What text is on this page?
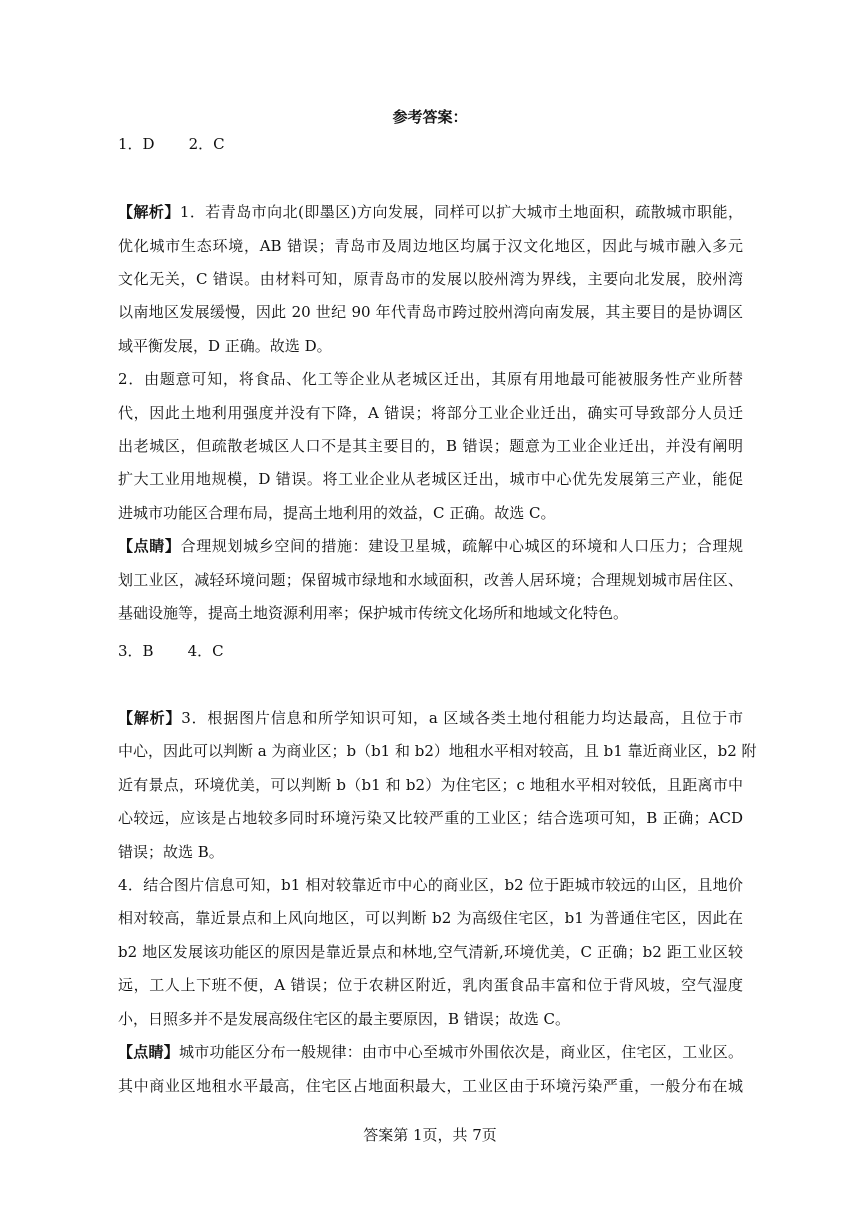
参考答案：
1．D 2．C
【解析】1．若青岛市向北(即墨区)方向发展，同样可以扩大城市土地面积，疏散城市职能，
优化城市生态环境，AB 错误；青岛市及周边地区均属于汉文化地区，因此与城市融入多元
文化无关，C 错误。由材料可知，原青岛市的发展以胶州湾为界线，主要向北发展，胶州湾
以南地区发展缓慢，因此 20 世纪 90 年代青岛市跨过胶州湾向南发展，其主要目的是协调区
域平衡发展，D 正确。故选 D。
2．由题意可知，将食品、化工等企业从老城区迁出，其原有用地最可能被服务性产业所替
代，因此土地利用强度并没有下降，A 错误；将部分工业企业迁出，确实可导致部分人员迁
出老城区，但疏散老城区人口不是其主要目的，B 错误；题意为工业企业迁出，并没有阐明
扩大工业用地规模，D 错误。将工业企业从老城区迁出，城市中心优先发展第三产业，能促
进城市功能区合理布局，提高土地利用的效益，C 正确。故选 C。
【点睛】合理规划城乡空间的措施：建设卫星城，疏解中心城区的环境和人口压力；合理规
划工业区，减轻环境问题；保留城市绿地和水域面积，改善人居环境；合理规划城市居住区、
基础设施等，提高土地资源利用率；保护城市传统文化场所和地域文化特色。
3．B 4．C
【解析】3．根据图片信息和所学知识可知，a 区域各类土地付租能力均达最高，且位于市
中心，因此可以判断 a 为商业区；b（b1 和 b2）地租水平相对较高，且 b1 靠近商业区，b2 附
近有景点，环境优美，可以判断 b（b1 和 b2）为住宅区；c 地租水平相对较低，且距离市中
心较远，应该是占地较多同时环境污染又比较严重的工业区；结合选项可知，B 正确；ACD
错误；故选 B。
4．结合图片信息可知，b1 相对较靠近市中心的商业区，b2 位于距城市较远的山区，且地价
相对较高，靠近景点和上风向地区，可以判断 b2 为高级住宅区，b1 为普通住宅区，因此在
b2 地区发展该功能区的原因是靠近景点和林地,空气清新,环境优美，C 正确；b2 距工业区较
远，工人上下班不便，A 错误；位于农耕区附近，乳肉蛋食品丰富和位于背风坡，空气湿度
小，日照多并不是发展高级住宅区的最主要原因，B 错误；故选 C。
【点睛】城市功能区分布一般规律：由市中心至城市外围依次是，商业区，住宅区，工业区。
其中商业区地租水平最高，住宅区占地面积最大，工业区由于环境污染严重，一般分布在城
答案第 1页，共 7页
